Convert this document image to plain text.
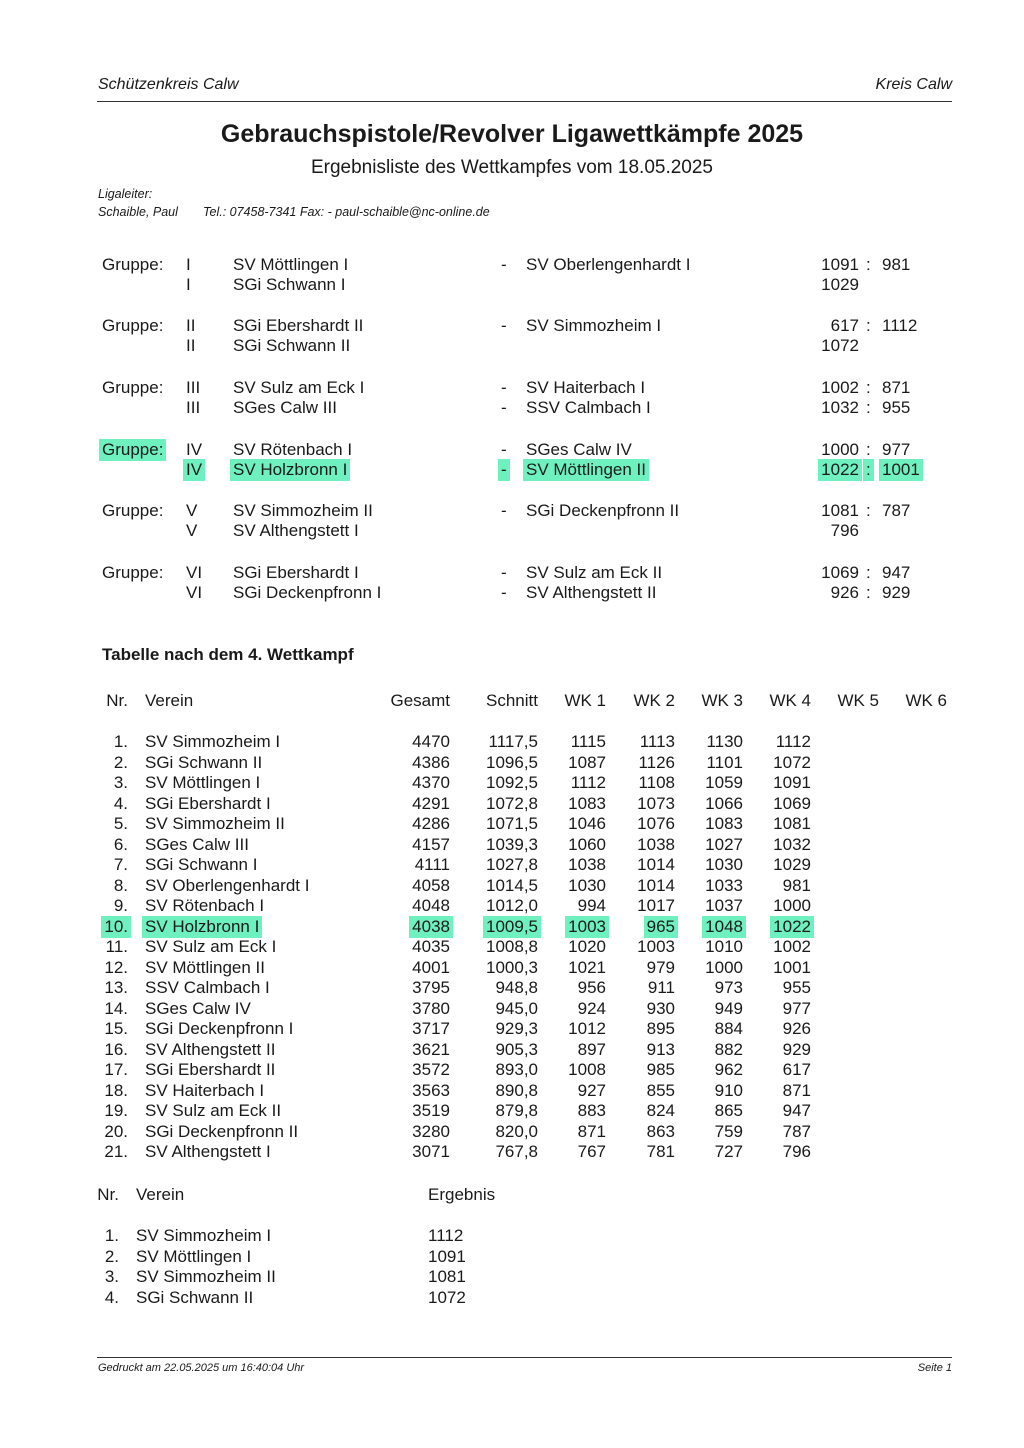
Schützenkreis Calw	Kreis Calw
Gebrauchspistole/Revolver Ligawettkämpfe 2025
Ergebnisliste des Wettkampfes vom 18.05.2025
Ligaleiter:
Schaible, Paul Tel.: 07458-7341 Fax: - paul-schaible@nc-online.de
Gruppe: I SV Möttlingen I	- SV Oberlengenhardt I	1091 : 981
I SGi Schwann I	1029
Gruppe: II SGi Ebershardt II	- SV Simmozheim I	617 : 1112
II SGi Schwann II	1072
Gruppe: III SV Sulz am Eck I	- SV Haiterbach I	1002 : 871
III SGes Calw III	- SSV Calmbach I	1032 : 955
Gruppe: IV SV Rötenbach I	- SGes Calw IV	1000 : 977
IV SV Holzbronn I	- SV Möttlingen II	1022 : 1001
Gruppe: V SV Simmozheim II	- SGi Deckenpfronn II	1081 : 787
V SV Althengstett I	796
Gruppe: VI SGi Ebershardt I	- SV Sulz am Eck II	1069 : 947
VI SGi Deckenpfronn I	- SV Althengstett II	926 : 929
Tabelle nach dem 4. Wettkampf
Nr. Verein	Gesamt Schnitt WK 1 WK 2 WK 3 WK 4 WK 5 WK 6
1. SV Simmozheim I	4470 1117,5 1115 1113 1130 1112
2. SGi Schwann II	4386 1096,5 1087 1126 1101 1072
3. SV Möttlingen I	4370 1092,5 1112 1108 1059 1091
4. SGi Ebershardt I	4291 1072,8 1083 1073 1066 1069
5. SV Simmozheim II	4286 1071,5 1046 1076 1083 1081
6. SGes Calw III	4157 1039,3 1060 1038 1027 1032
7. SGi Schwann I	4111 1027,8 1038 1014 1030 1029
8. SV Oberlengenhardt I	4058 1014,5 1030 1014 1033 981
9. SV Rötenbach I	4048 1012,0 994 1017 1037 1000
10. SV Holzbronn I	4038 1009,5 1003 965 1048 1022
11. SV Sulz am Eck I	4035 1008,8 1020 1003 1010 1002
12. SV Möttlingen II	4001 1000,3 1021 979 1000 1001
13. SSV Calmbach I	3795	948,8 956 911 973 955
14. SGes Calw IV	3780	945,0 924 930 949 977
15. SGi Deckenpfronn I	3717	929,3 1012 895 884 926
16. SV Althengstett II	3621	905,3 897 913 882 929
17. SGi Ebershardt II	3572	893,0 1008 985 962 617
18. SV Haiterbach I	3563	890,8 927 855 910 871
19. SV Sulz am Eck II	3519	879,8 883 824 865 947
20. SGi Deckenpfronn II	3280	820,0 871 863 759 787
21. SV Althengstett I	3071	767,8 767 781 727 796
Nr. Verein	Ergebnis
1. SV Simmozheim I	1112
2. SV Möttlingen I	1091
3. SV Simmozheim II	1081
4. SGi Schwann II	1072
Gedruckt am 22.05.2025 um 16:40:04 Uhr	Seite 1
